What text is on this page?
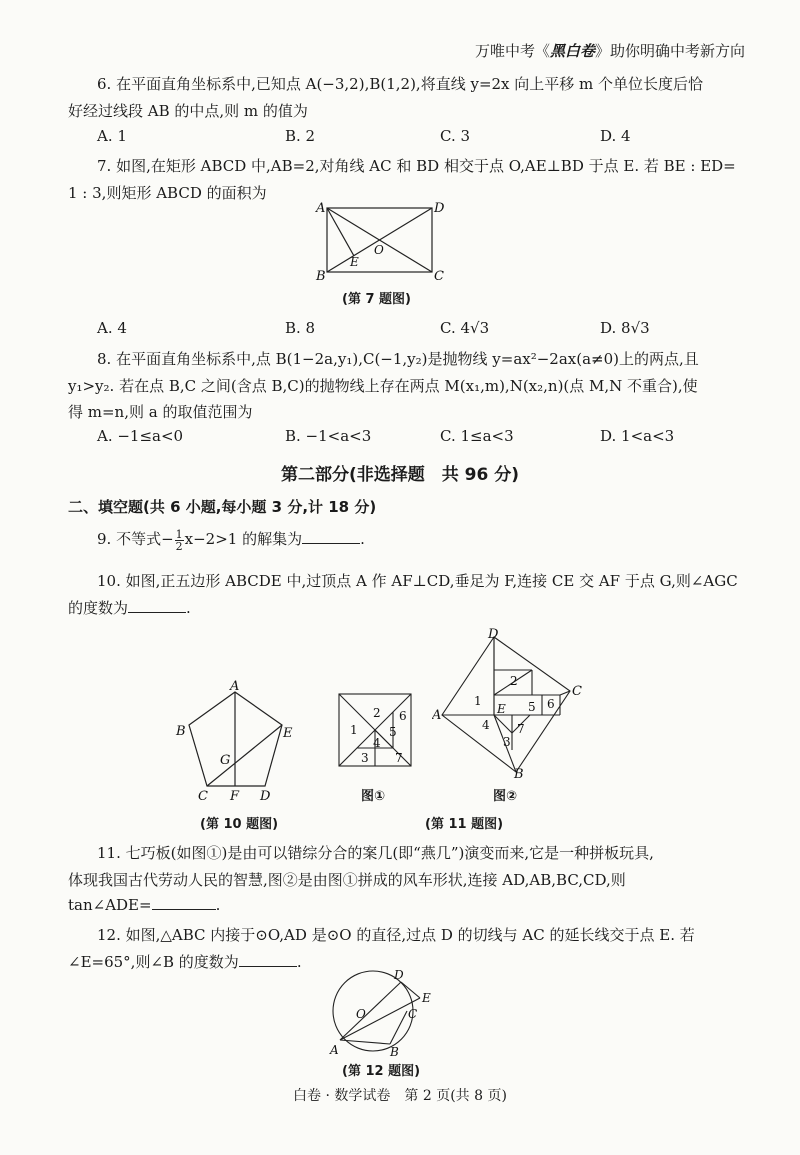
万唯中考《黑白卷》助你明确中考新方向
6. 在平面直角坐标系中,已知点 A(−3,2),B(1,2),将直线 y=2x 向上平移 m 个单位长度后恰
好经过线段 AB 的中点,则 m 的值为
A. 1	B. 2	C. 3	D. 4
7. 如图,在矩形 ABCD 中,AB=2,对角线 AC 和 BD 相交于点 O,AE⊥BD 于点 E. 若 BE : ED=
1 : 3,则矩形 ABCD 的面积为
A	D
B	C
O
E
(第 7 题图)
A. 4	B. 8	C. 4√3	D. 8√3
8. 在平面直角坐标系中,点 B(1−2a,y₁),C(−1,y₂)是抛物线 y=ax²−2ax(a≠0)上的两点,且
y₁>y₂. 若在点 B,C 之间(含点 B,C)的抛物线上存在两点 M(x₁,m),N(x₂,n)(点 M,N 不重合),使
得 m=n,则 a 的取值范围为
A. −1≤a<0	B. −1<a<3	C. 1≤a<3	D. 1<a<3
第二部分(非选择题　共 96 分)
二、填空题(共 6 小题,每小题 3 分,计 18 分)
9. 不等式− $\frac{1}{2} x-2>1$ 的解集为	.
10. 如图,正五边形 ABCDE 中,过顶点 A 作 AF⊥CD,垂足为 F,连接 CE 交 AF 于点 G,则∠AGC
的度数为	.
A
B	E
G
C F D
(第 10 题图)
2 6
1	5
4
3 7
图①
D
C
A
B
E
1
2
3
4
5 6
7
图②
(第 11 题图)
11. 七巧板(如图①)是由可以错综分合的案几(即“燕几”)演变而来,它是一种拼板玩具,
体现我国古代劳动人民的智慧,图②是由图①拼成的风车形状,连接 AD,AB,BC,CD,则
tan∠ADE=	.
12. 如图,△ABC 内接于⊙O,AD 是⊙O 的直径,过点 D 的切线与 AC 的延长线交于点 E. 若
∠E=65°,则∠B 的度数为	.
D
E
C
O
A	B
(第 12 题图)
白卷 · 数学试卷　第 2 页(共 8 页)
